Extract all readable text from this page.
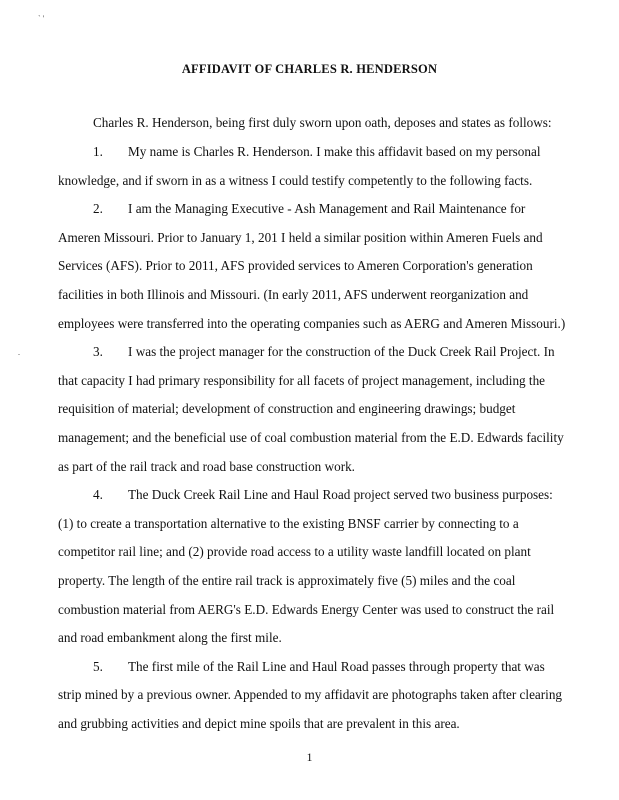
` '
.
AFFIDAVIT OF CHARLES R. HENDERSON
Charles R. Henderson, being first duly sworn upon oath, deposes and states as follows:
1. My name is Charles R. Henderson. I make this affidavit based on my personal
knowledge, and if sworn in as a witness I could testify competently to the following facts.
2. I am the Managing Executive - Ash Management and Rail Maintenance for
Ameren Missouri. Prior to January 1, 201 I held a similar position within Ameren Fuels and
Services (AFS). Prior to 2011, AFS provided services to Ameren Corporation's generation
facilities in both Illinois and Missouri. (In early 2011, AFS underwent reorganization and
employees were transferred into the operating companies such as AERG and Ameren Missouri.)
3. I was the project manager for the construction of the Duck Creek Rail Project. In
that capacity I had primary responsibility for all facets of project management, including the
requisition of material; development of construction and engineering drawings; budget
management; and the beneficial use of coal combustion material from the E.D. Edwards facility
as part of the rail track and road base construction work.
4. The Duck Creek Rail Line and Haul Road project served two business purposes:
(1) to create a transportation alternative to the existing BNSF carrier by connecting to a
competitor rail line; and (2) provide road access to a utility waste landfill located on plant
property. The length of the entire rail track is approximately five (5) miles and the coal
combustion material from AERG's E.D. Edwards Energy Center was used to construct the rail
and road embankment along the first mile.
5. The first mile of the Rail Line and Haul Road passes through property that was
strip mined by a previous owner. Appended to my affidavit are photographs taken after clearing
and grubbing activities and depict mine spoils that are prevalent in this area.
1
